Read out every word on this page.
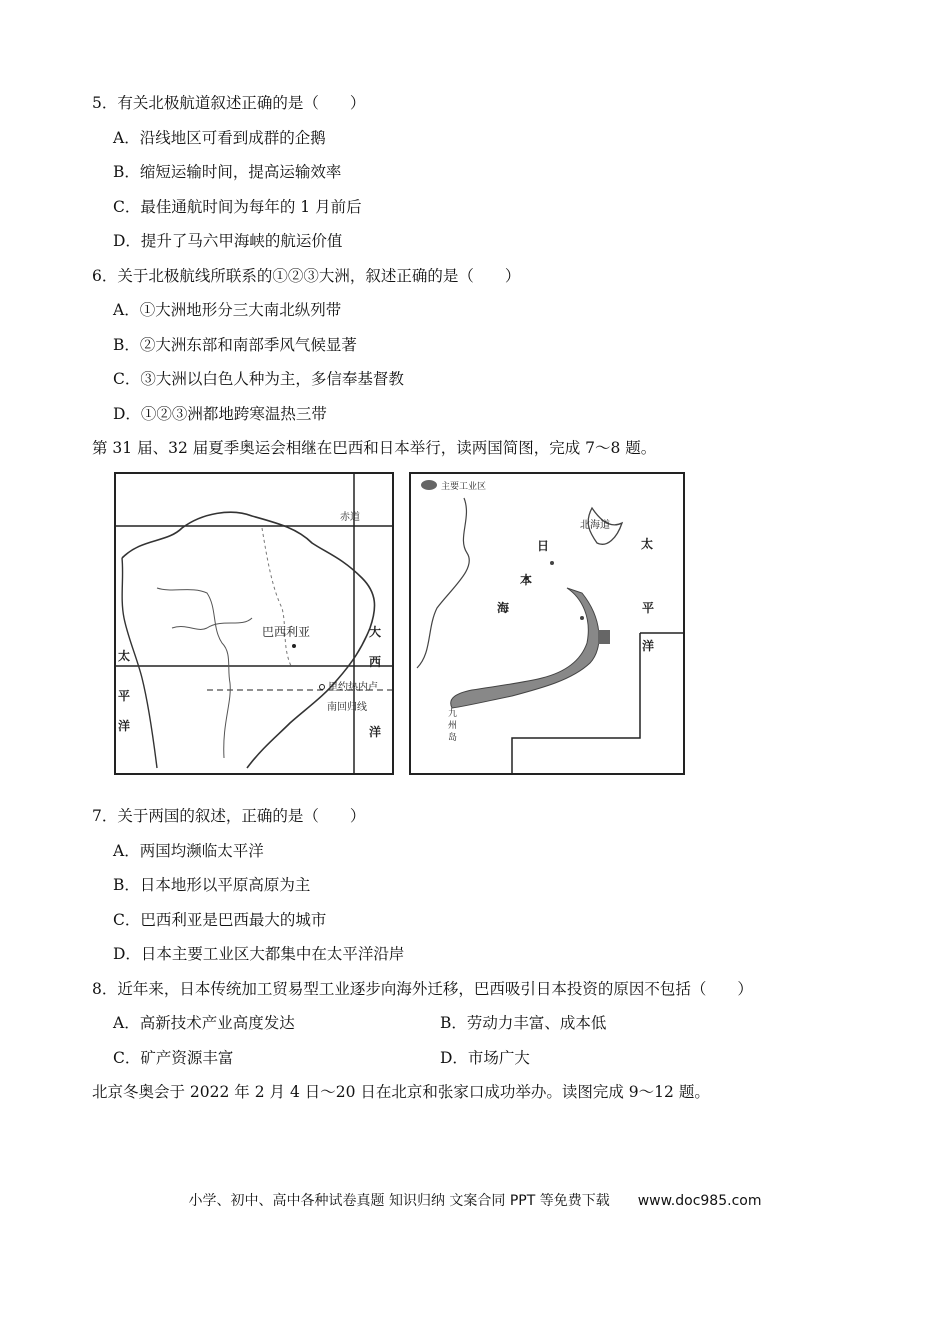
5．有关北极航道叙述正确的是（　　）
A．沿线地区可看到成群的企鹅
B．缩短运输时间，提高运输效率
C．最佳通航时间为每年的 1 月前后
D．提升了马六甲海峡的航运价值
6．关于北极航线所联系的①②③大洲，叙述正确的是（　　）
A．①大洲地形分三大南北纵列带
B．②大洲东部和南部季风气候显著
C．③大洲以白色人种为主，多信奉基督教
D．①②③洲都地跨寒温热三带
第 31 届、32 届夏季奥运会相继在巴西和日本举行，读两国简图，完成 7～8 题。
赤道
巴西利亚	大
西
洋
太
平
洋
里约热内卢
南回归线
主要工业区
北海道
日
本
海
太
平
洋
九
州
岛
7．关于两国的叙述，正确的是（　　）
A．两国均濒临太平洋
B．日本地形以平原高原为主
C．巴西利亚是巴西最大的城市
D．日本主要工业区大都集中在太平洋沿岸
8．近年来，日本传统加工贸易型工业逐步向海外迁移，巴西吸引日本投资的原因不包括（　　）
A．高新技术产业高度发达	B．劳动力丰富、成本低
C．矿产资源丰富	D．市场广大
北京冬奥会于 2022 年 2 月 4 日～20 日在北京和张家口成功举办。读图完成 9～12 题。
小学、初中、高中各种试卷真题 知识归纳 文案合同 PPT 等免费下载　　www.doc985.com
